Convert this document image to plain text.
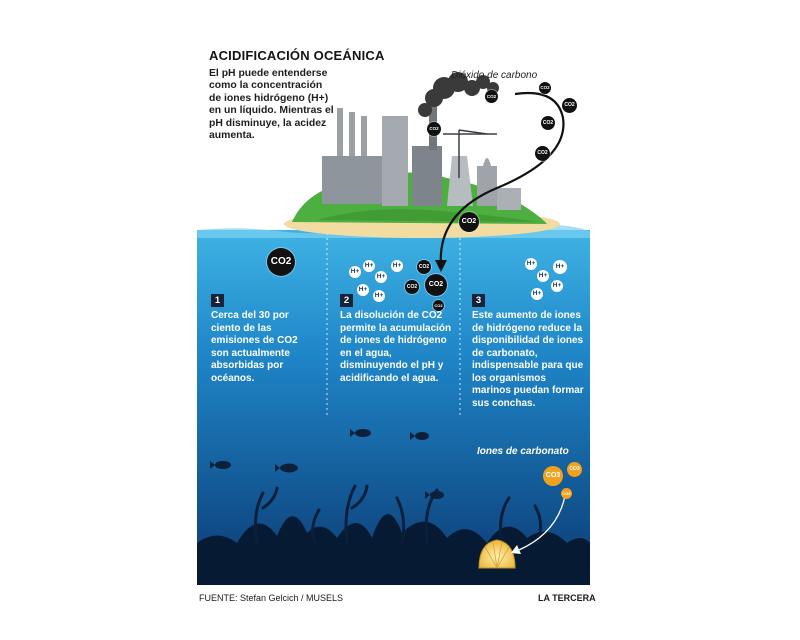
ACIDIFICACIÓN OCEÁNICA
El pH puede entenderse como la concentración de iones hidrógeno (H+) en un líquido. Mientras el pH disminuye, la acidez aumenta.
Dióxido de carbono
CO2
CO2
CO2
CO2
CO2
CO2
CO2
CO2
H+
H+
H+
H+
H+
H+
CO2
CO2	CO2
CO2
H+
H+
H+
H+
H+
1
Cerca del 30 por ciento de las emisiones de CO2 son actualmente absorbidas por océanos.
2
La disolución de CO2 permite la acumulación de iones de hidrógeno en el agua, disminuyendo el pH y acidificando el agua.
3
Este aumento de iones de hidrógeno reduce la disponibilidad de iones de carbonato, indispensable para que los organismos marinos puedan formar sus conchas.
Iones de carbonato
CO3
CO3
CO3
FUENTE: Stefan Gelcich / MUSELS	LA TERCERA
